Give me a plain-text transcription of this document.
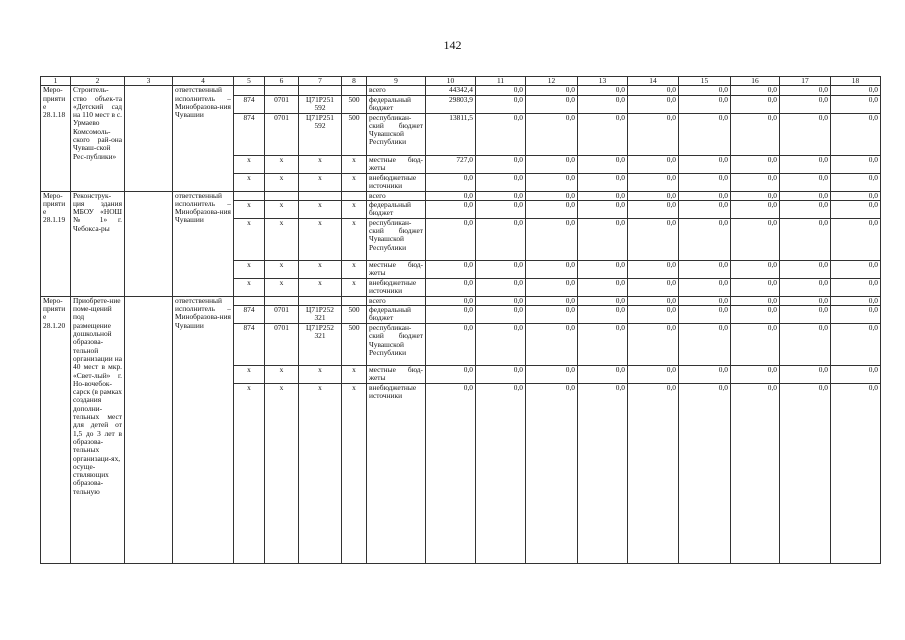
142
1	2	3	4	5	6	7	8	9	10	11	12	13	14	15	16	17	18
Меро-приятие 28.1.18	Строитель-ство объек-та «Детский сад на 110 мест в с. Урмаево Комсомоль-ского рай-она Чуваш-ской Рес-публики»		ответственный исполнитель – Минобразова-ния Чувашии					всего	44342,4	0,0	0,0	0,0	0,0	0,0	0,0	0,0	0,0
				874	0701	Ц71Р251 592	500	федеральный бюджет	29803,9	0,0	0,0	0,0	0,0	0,0	0,0	0,0	0,0
				874	0701	Ц71Р251 592	500	республикан-ский бюджет Чувашской Республики	13811,5	0,0	0,0	0,0	0,0	0,0	0,0	0,0	0,0
				x	x	x	x	местные бюд-жеты	727,0	0,0	0,0	0,0	0,0	0,0	0,0	0,0	0,0
				x	x	x	x	внебюджетные источники	0,0	0,0	0,0	0,0	0,0	0,0	0,0	0,0	0,0
Меро-приятие 28.1.19	Реконструк-ция здания МБОУ «НОШ № 1» г. Чебокса-ры		ответственный исполнитель – Минобразова-ния Чувашии					всего	0,0	0,0	0,0	0,0	0,0	0,0	0,0	0,0	0,0
				x	x	x	x	федеральный бюджет	0,0	0,0	0,0	0,0	0,0	0,0	0,0	0,0	0,0
				x	x	x	x	республикан-ский бюджет Чувашской Республики	0,0	0,0	0,0	0,0	0,0	0,0	0,0	0,0	0,0
				x	x	x	x	местные бюд-жеты	0,0	0,0	0,0	0,0	0,0	0,0	0,0	0,0	0,0
				x	x	x	x	внебюджетные источники	0,0	0,0	0,0	0,0	0,0	0,0	0,0	0,0	0,0
Меро-приятие 28.1.20	Приобрете-ние поме-щений под размещение дошкольной образова-тельной организации на 40 мест в мкр. «Свет-лый» г. Но-вочебок-сарск (в рамках создания дополни-тельных мест для детей от 1,5 до 3 лет в образова-тельных организаци-ях, осуще-ствляющих образова-тельную		ответственный исполнитель – Минобразова-ния Чувашии					всего	0,0	0,0	0,0	0,0	0,0	0,0	0,0	0,0	0,0
				874	0701	Ц71Р252 321	500	федеральный бюджет	0,0	0,0	0,0	0,0	0,0	0,0	0,0	0,0	0,0
				874	0701	Ц71Р252 321	500	республикан-ский бюджет Чувашской Республики	0,0	0,0	0,0	0,0	0,0	0,0	0,0	0,0	0,0
				x	x	x	x	местные бюд-жеты	0,0	0,0	0,0	0,0	0,0	0,0	0,0	0,0	0,0
				x	x	x	x	внебюджетные источники	0,0	0,0	0,0	0,0	0,0	0,0	0,0	0,0	0,0
